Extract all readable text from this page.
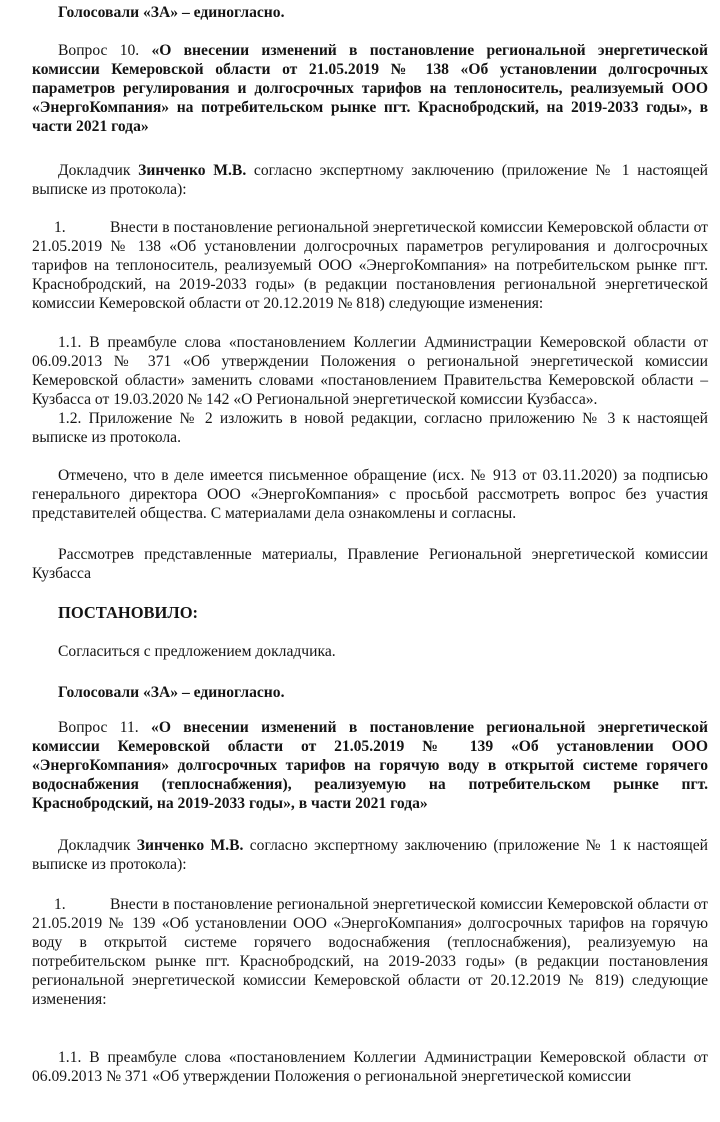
Голосовали «ЗА» – единогласно.

Вопрос 10. «О внесении изменений в постановление региональной энергетической комиссии Кемеровской области от 21.05.2019 № 138 «Об установлении долгосрочных параметров регулирования и долгосрочных тарифов на теплоноситель, реализуемый ООО «ЭнергоКомпания» на потребительском рынке пгт. Краснобродский, на 2019-2033 годы», в части 2021 года»

Докладчик Зинченко М.В. согласно экспертному заключению (приложение № 1 настоящей выписке из протокола):

1.	Внести в постановление региональной энергетической комиссии Кемеровской области от 21.05.2019 № 138 «Об установлении долгосрочных параметров регулирования и долгосрочных тарифов на теплоноситель, реализуемый ООО «ЭнергоКомпания» на потребительском рынке пгт. Краснобродский, на 2019-2033 годы» (в редакции постановления региональной энергетической комиссии Кемеровской области от 20.12.2019 № 818) следующие изменения:

1.1. В преамбуле слова «постановлением Коллегии Администрации Кемеровской области от 06.09.2013 № 371 «Об утверждении Положения о региональной энергетической комиссии Кемеровской области» заменить словами «постановлением Правительства Кемеровской области – Кузбасса от 19.03.2020 № 142 «О Региональной энергетической комиссии Кузбасса».

1.2. Приложение № 2 изложить в новой редакции, согласно приложению № 3 к настоящей выписке из протокола.

Отмечено, что в деле имеется письменное обращение (исх. № 913 от 03.11.2020) за подписью генерального директора ООО «ЭнергоКомпания» с просьбой рассмотреть вопрос без участия представителей общества. С материалами дела ознакомлены и согласны.

Рассмотрев представленные материалы, Правление Региональной энергетической комиссии Кузбасса

ПОСТАНОВИЛО:

Согласиться с предложением докладчика.

Голосовали «ЗА» – единогласно.

Вопрос 11. «О внесении изменений в постановление региональной энергетической комиссии Кемеровской области от 21.05.2019 № 139 «Об установлении ООО «ЭнергоКомпания» долгосрочных тарифов на горячую воду в открытой системе горячего водоснабжения (теплоснабжения), реализуемую на потребительском рынке пгт. Краснобродский, на 2019-2033 годы», в части 2021 года»

Докладчик Зинченко М.В. согласно экспертному заключению (приложение № 1 к настоящей выписке из протокола):

1.	Внести в постановление региональной энергетической комиссии Кемеровской области от 21.05.2019 № 139 «Об установлении ООО «ЭнергоКомпания» долгосрочных тарифов на горячую воду в открытой системе горячего водоснабжения (теплоснабжения), реализуемую на потребительском рынке пгт. Краснобродский, на 2019-2033 годы» (в редакции постановления региональной энергетической комиссии Кемеровской области от 20.12.2019 № 819) следующие изменения:

1.1. В преамбуле слова «постановлением Коллегии Администрации Кемеровской области от 06.09.2013 № 371 «Об утверждении Положения о региональной энергетической комиссии
